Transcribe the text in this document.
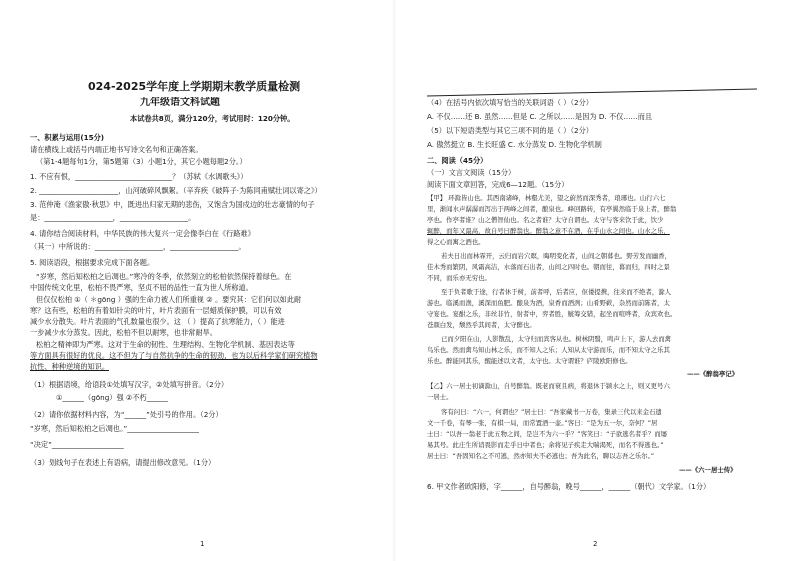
024-2025学年度上学期期末教学质量检测
九年级语文科试题
本试卷共8页，满分120分，考试用时：120分钟。
一、积累与运用(15分)
请在横线上或括号内端正地书写诗文名句和正确答案。
（第1-4题每句1分，第5题第（3）小题1分，其它小题每题2分。）
1. 不应有恨，___________________________？（苏轼《水调歌头》）
2. ______________________，山河破碎风飘絮。（辛弃疾《破阵子·为陈同甫赋壮词以寄之》）
3. 范仲淹《渔家傲·秋思》中，既进出归家无期的悲伤，又饱含为国戍边的壮志豪情的句子
是：___________________，___________________。
4. 请你结合阅读材料，中华民族的伟大复兴一定会像李白在《行路难》
（其一）中所说的：___________________，___________________。
5. 阅读语段，根据要求完成下面各题。
“岁寒，然后知松柏之后凋也。”寒冷的冬季，依然刻立的松柏依然保持着绿色。在
中国传统文化里，松柏不畏严寒，坚贞不屈的品性一直为世人所称道。
但仅仅松柏 ①（ ＊ɡōnɡ ）强的生命力被人们所重视 ② 。要究其：它们何以如此耐
寒？这有些，松柏的有着如针尖的叶片，叶片表面有一层蜡质保护膜，可以有效
减少水分散失。叶片表面的气孔数量也很少。这 （ ）提高了抗寒能力，（ ）能进
一步减少水分蒸发。因此，松柏不但以耐寒，也非常耐旱。
松柏之精神即为严寒。这对于生命的韧性、生理结构、生物化学机制、基因表达等
等方面具有很好的优良。这不但为了与自然抗争的生命的韧劲，也为以后科学家们研究植物
抗性、种种逆境的知识。
（1）根据语境，给语段①处填写汉字，②处填写拼音。（2分）
①______（ɡōnɡ）强 ②不朽______
（2）请你依据材料内容，为“______”处引号的作用。（2分）
“岁寒，然后知松柏之后凋也。”____________________
“决定”____________________
（3）划线句子在表述上有语病，请提出修改意见。（1分）
1
（4）在括号内依次填写恰当的关联词语（ ）（2分）
A. 不仅……还 B. 虽然……但是 C. 之所以……是因为 D. 不仅……而且
（5）以下短语类型与其它三项不同的是（ ）（2分）
A. 傲然挺立 B. 生长旺盛 C. 水分蒸发 D. 生物化学机制
二、阅读（45分）
（一）文言文阅读（15分）
阅读下面文章回答，完成6—12题。（15分）
【甲】 环滁皆山也。其西南诸峰，林壑尤美，望之蔚然而深秀者，琅琊也。山行六七
里，渐闻水声潺潺而泻出于两峰之间者，酿泉也。峰回路转，有亭翼然临于泉上者，醉翁
亭也。作亭者谁？山之僧智仙也。名之者谁？太守自谓也。太守与客来饮于此，饮少
辄醉，而年又最高，故自号曰醉翁也。醉翁之意不在酒，在乎山水之间也。山水之乐，
得之心而寓之酒也。
若夫日出而林霏开，云归而岩穴暝，晦明变化者，山间之朝暮也。野芳发而幽香，
佳木秀而繁阴，风霜高洁，水落而石出者，山间之四时也。朝而往，暮而归，四时之景
不同，而乐亦无穷也。
至于负者歌于途，行者休于树，前者呼，后者应，伛偻提携，往来而不绝者，滁人
游也。临溪而渔，溪深而鱼肥。酿泉为酒，泉香而酒洌；山肴野蔌，杂然而前陈者，太
守宴也。宴酣之乐，非丝非竹，射者中，弈者胜，觥筹交错，起坐而喧哗者，众宾欢也。
苍颜白发，颓然乎其间者，太守醉也。
已而夕阳在山，人影散乱，太守归而宾客从也。树林阴翳，鸣声上下，游人去而禽
鸟乐也。然而禽鸟知山林之乐，而不知人之乐；人知从太守游而乐，而不知太守之乐其
乐也。醉能同其乐，醒能述以文者，太守也。太守谓谁？庐陵欧阳修也。
——《醉翁亭记》
【乙】六一居士初谪滁山，自号醉翁。既老而衰且病，将退休于颍水之上，则又更号六
一居士。
客有问曰：“六一，何谓也？”居士曰：“吾家藏书一万卷，集录三代以来金石遗
文一千卷，有琴一张，有棋一局，而常置酒一壶。”客曰：“是为五一尔，奈何？”居
士曰：“以吾一翁老于此五物之间，是岂不为六一乎？”客笑曰：“子欲逃名者乎？而屡
易其号。此庄生所诮畏影而走乎日中者也；余将见子疾走大喘渴死，而名不得逃也。”
居士曰：“吾固知名之不可逃，然亦知夫不必逃也；吾为此名，聊以志吾之乐尔。”
——《六一居士传》
6. 甲文作者欧阳修，字______，自号醉翁，晚号______，______（朝代）文学家。（1分）
2
